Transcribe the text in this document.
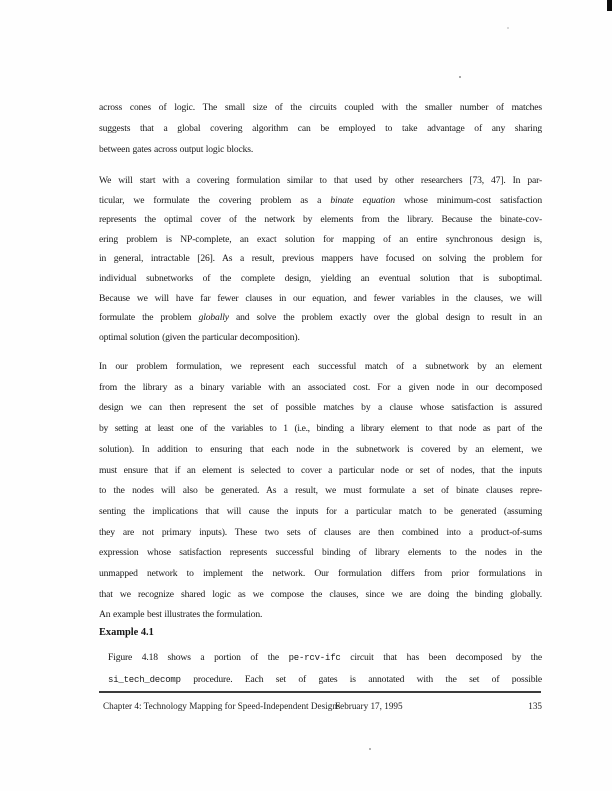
across cones of logic. The small size of the circuits coupled with the smaller number of matches
suggests that a global covering algorithm can be employed to take advantage of any sharing
between gates across output logic blocks.
We will start with a covering formulation similar to that used by other researchers [73, 47]. In par-
ticular, we formulate the covering problem as a binate equation whose minimum-cost satisfaction
represents the optimal cover of the network by elements from the library. Because the binate-cov-
ering problem is NP-complete, an exact solution for mapping of an entire synchronous design is,
in general, intractable [26]. As a result, previous mappers have focused on solving the problem for
individual subnetworks of the complete design, yielding an eventual solution that is suboptimal.
Because we will have far fewer clauses in our equation, and fewer variables in the clauses, we will
formulate the problem globally and solve the problem exactly over the global design to result in an
optimal solution (given the particular decomposition).
In our problem formulation, we represent each successful match of a subnetwork by an element
from the library as a binary variable with an associated cost. For a given node in our decomposed
design we can then represent the set of possible matches by a clause whose satisfaction is assured
by setting at least one of the variables to 1 (i.e., binding a library element to that node as part of the
solution). In addition to ensuring that each node in the subnetwork is covered by an element, we
must ensure that if an element is selected to cover a particular node or set of nodes, that the inputs
to the nodes will also be generated. As a result, we must formulate a set of binate clauses repre-
senting the implications that will cause the inputs for a particular match to be generated (assuming
they are not primary inputs). These two sets of clauses are then combined into a product-of-sums
expression whose satisfaction represents successful binding of library elements to the nodes in the
unmapped network to implement the network. Our formulation differs from prior formulations in
that we recognize shared logic as we compose the clauses, since we are doing the binding globally.
An example best illustrates the formulation.
Example 4.1
Figure 4.18 shows a portion of the pe-rcv-ifc circuit that has been decomposed by the
si_tech_decomp procedure. Each set of gates is annotated with the set of possible
Chapter 4: Technology Mapping for Speed-Independent Designs
February 17, 1995	135
